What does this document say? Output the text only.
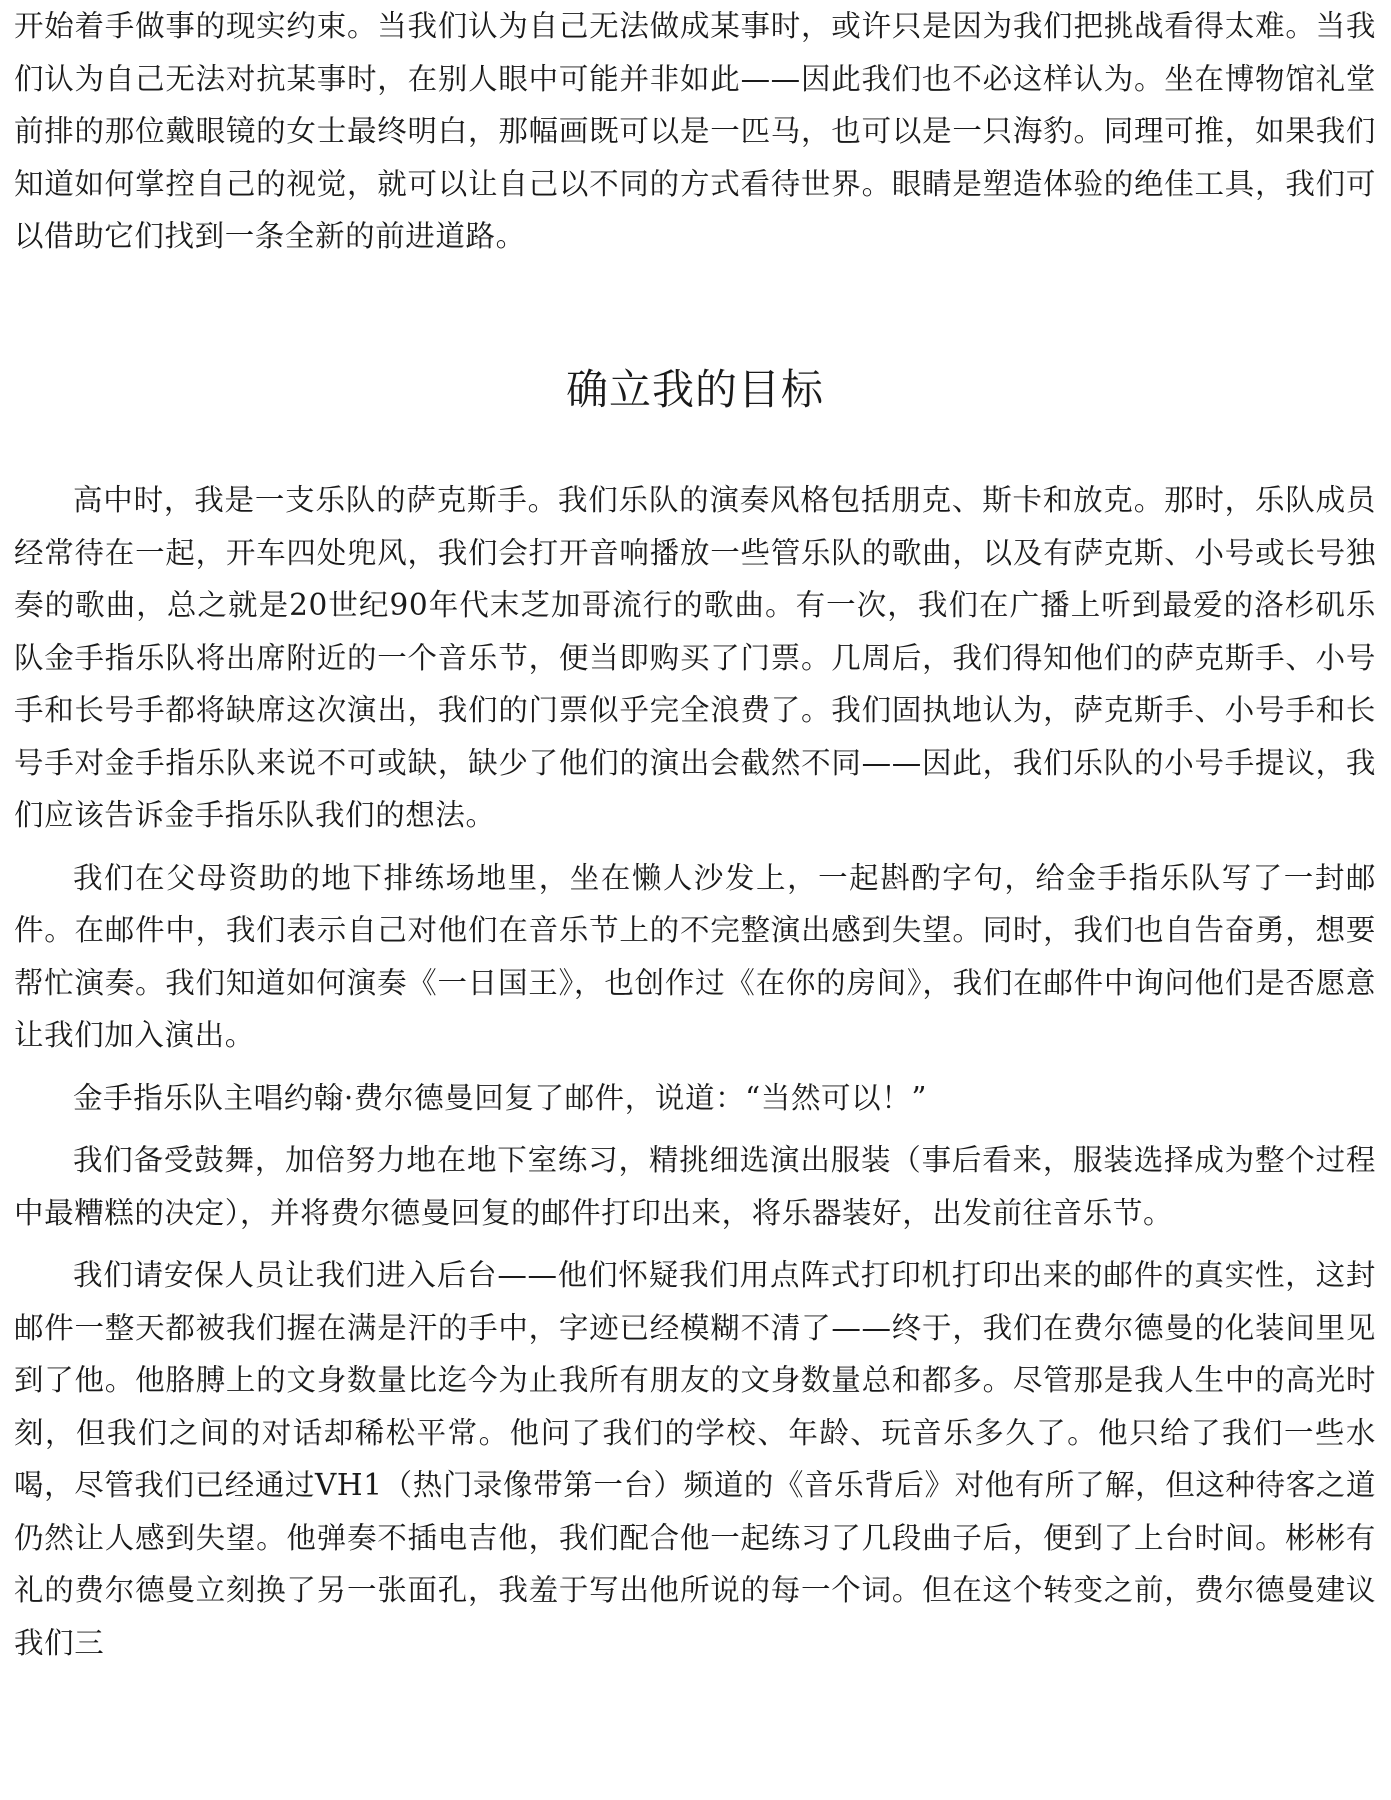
开始着手做事的现实约束。当我们认为自己无法做成某事时，或许只是因为我们把挑战看得太难。当我们认为自己无法对抗某事时，在别人眼中可能并非如此——因此我们也不必这样认为。坐在博物馆礼堂前排的那位戴眼镜的女士最终明白，那幅画既可以是一匹马，也可以是一只海豹。同理可推，如果我们知道如何掌控自己的视觉，就可以让自己以不同的方式看待世界。眼睛是塑造体验的绝佳工具，我们可以借助它们找到一条全新的前进道路。

确立我的目标

高中时，我是一支乐队的萨克斯手。我们乐队的演奏风格包括朋克、斯卡和放克。那时，乐队成员经常待在一起，开车四处兜风，我们会打开音响播放一些管乐队的歌曲，以及有萨克斯、小号或长号独奏的歌曲，总之就是20世纪90年代末芝加哥流行的歌曲。有一次，我们在广播上听到最爱的洛杉矶乐队金手指乐队将出席附近的一个音乐节，便当即购买了门票。几周后，我们得知他们的萨克斯手、小号手和长号手都将缺席这次演出，我们的门票似乎完全浪费了。我们固执地认为，萨克斯手、小号手和长号手对金手指乐队来说不可或缺，缺少了他们的演出会截然不同——因此，我们乐队的小号手提议，我们应该告诉金手指乐队我们的想法。

我们在父母资助的地下排练场地里，坐在懒人沙发上，一起斟酌字句，给金手指乐队写了一封邮件。在邮件中，我们表示自己对他们在音乐节上的不完整演出感到失望。同时，我们也自告奋勇，想要帮忙演奏。我们知道如何演奏《一日国王》，也创作过《在你的房间》，我们在邮件中询问他们是否愿意让我们加入演出。

金手指乐队主唱约翰·费尔德曼回复了邮件，说道：“当然可以！”

我们备受鼓舞，加倍努力地在地下室练习，精挑细选演出服装（事后看来，服装选择成为整个过程中最糟糕的决定），并将费尔德曼回复的邮件打印出来，将乐器装好，出发前往音乐节。

我们请安保人员让我们进入后台——他们怀疑我们用点阵式打印机打印出来的邮件的真实性，这封邮件一整天都被我们握在满是汗的手中，字迹已经模糊不清了——终于，我们在费尔德曼的化装间里见到了他。他胳膊上的文身数量比迄今为止我所有朋友的文身数量总和都多。尽管那是我人生中的高光时刻，但我们之间的对话却稀松平常。他问了我们的学校、年龄、玩音乐多久了。他只给了我们一些水喝，尽管我们已经通过VH1（热门录像带第一台）频道的《音乐背后》对他有所了解，但这种待客之道仍然让人感到失望。他弹奏不插电吉他，我们配合他一起练习了几段曲子后，便到了上台时间。彬彬有礼的费尔德曼立刻换了另一张面孔，我羞于写出他所说的每一个词。但在这个转变之前，费尔德曼建议我们三
